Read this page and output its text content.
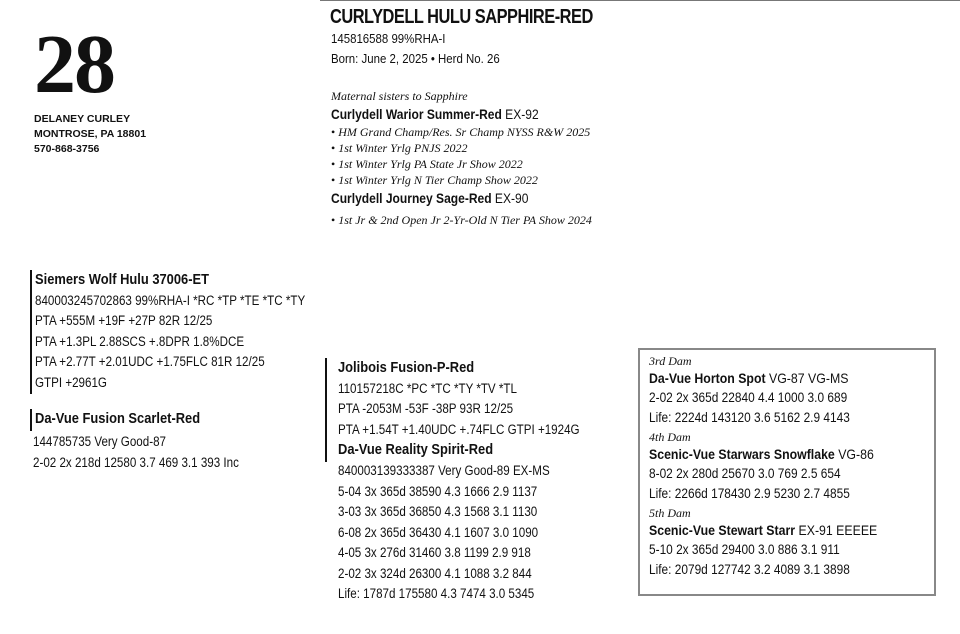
28
DELANEY CURLEY
MONTROSE, PA 18801
570-868-3756
CURLYDELL HULU SAPPHIRE-RED
145816588 99%RHA-I
Born: June 2, 2025 • Herd No. 26
Maternal sisters to Sapphire
Curlydell Warior Summer-Red EX-92
• HM Grand Champ/Res. Sr Champ NYSS R&W 2025
• 1st Winter Yrlg PNJS 2022
• 1st Winter Yrlg PA State Jr Show 2022
• 1st Winter Yrlg N Tier Champ Show 2022
Curlydell Journey Sage-Red EX-90
• 1st Jr & 2nd Open Jr 2-Yr-Old N Tier PA Show 2024
Siemers Wolf Hulu 37006-ET
840003245702863 99%RHA-I *RC *TP *TE *TC *TY
PTA +555M +19F +27P 82R 12/25
PTA +1.3PL 2.88SCS +.8DPR 1.8%DCE
PTA +2.77T +2.01UDC +1.75FLC 81R 12/25
GTPI +2961G
Da-Vue Fusion Scarlet-Red
144785735 Very Good-87
2-02 2x 218d 12580 3.7 469 3.1 393 Inc
Jolibois Fusion-P-Red
110157218C *PC *TC *TY *TV *TL
PTA -2053M -53F -38P 93R 12/25
PTA +1.54T +1.40UDC +.74FLC GTPI +1924G
Da-Vue Reality Spirit-Red
840003139333387 Very Good-89 EX-MS
5-04 3x 365d 38590 4.3 1666 2.9 1137
3-03 3x 365d 36850 4.3 1568 3.1 1130
6-08 2x 365d 36430 4.1 1607 3.0 1090
4-05 3x 276d 31460 3.8 1199 2.9 918
2-02 3x 324d 26300 4.1 1088 3.2 844
Life: 1787d 175580 4.3 7474 3.0 5345
3rd Dam
Da-Vue Horton Spot VG-87 VG-MS
2-02 2x 365d 22840 4.4 1000 3.0 689
Life: 2224d 143120 3.6 5162 2.9 4143
4th Dam
Scenic-Vue Starwars Snowflake VG-86
8-02 2x 280d 25670 3.0 769 2.5 654
Life: 2266d 178430 2.9 5230 2.7 4855
5th Dam
Scenic-Vue Stewart Starr EX-91 EEEEE
5-10 2x 365d 29400 3.0 886 3.1 911
Life: 2079d 127742 3.2 4089 3.1 3898
